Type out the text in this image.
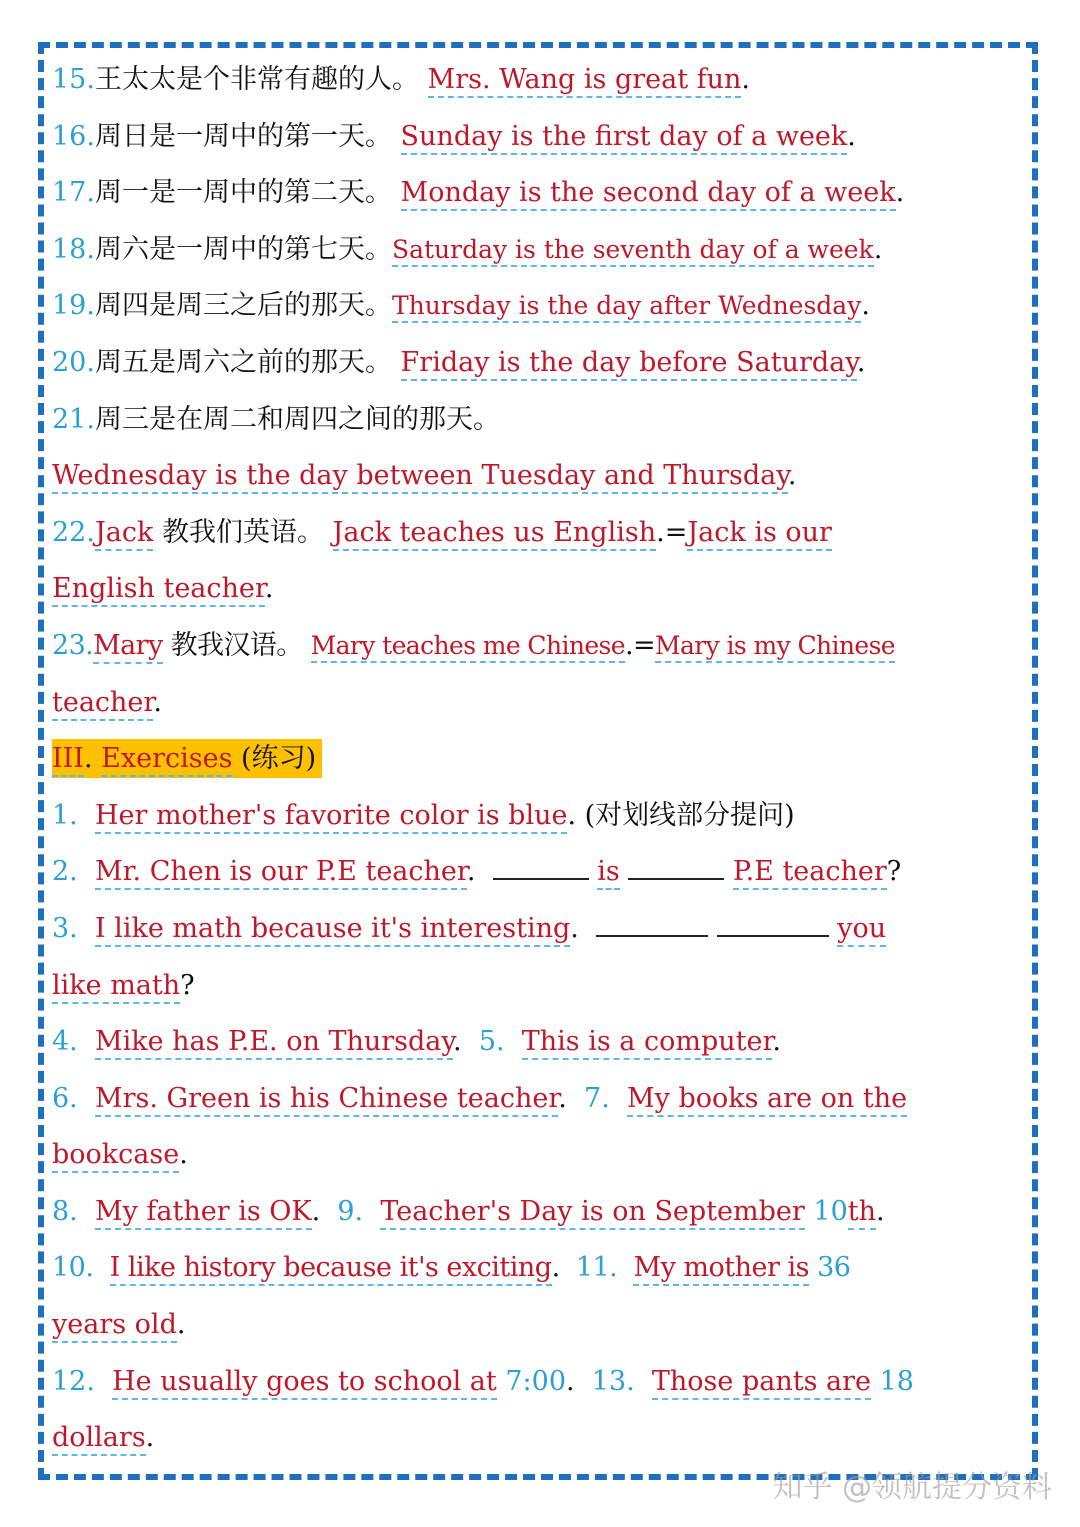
15.王太太是个非常有趣的人。 Mrs. Wang is great fun.
16.周日是一周中的第一天。 Sunday is the first day of a week.
17.周一是一周中的第二天。 Monday is the second day of a week.
18.周六是一周中的第七天。Saturday is the seventh day of a week.
19.周四是周三之后的那天。Thursday is the day after Wednesday.
20.周五是周六之前的那天。 Friday is the day before Saturday.
21.周三是在周二和周四之间的那天。
Wednesday is the day between Tuesday and Thursday.
22.Jack 教我们英语。 Jack teaches us English.=Jack is our
English teacher.
23.Mary 教我汉语。 Mary teaches me Chinese.=Mary is my Chinese
teacher.
III. Exercises (练习)
1. Her mother's favorite color is blue. (对划线部分提问)
2. Mr. Chen is our P.E teacher.	is	P.E teacher?
3. I like math because it's interesting.	you
like math?
4. Mike has P.E. on Thursday. 5. This is a computer.
6. Mrs. Green is his Chinese teacher. 7. My books are on the
bookcase.
8. My father is OK. 9. Teacher's Day is on September 10th.
10. I like history because it's exciting. 11. My mother is 36
years old.
12. He usually goes to school at 7:00. 13. Those pants are 18
dollars.
知乎 @领航提分资料
